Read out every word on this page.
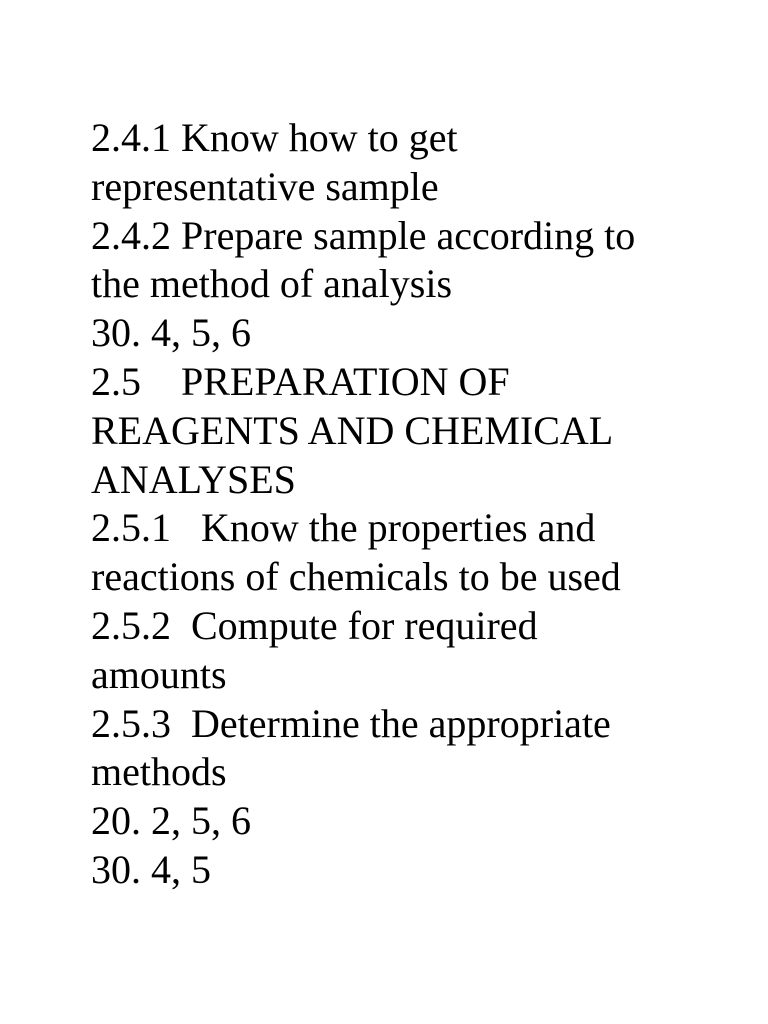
2.4.1 Know how to get
representative sample
2.4.2 Prepare sample according to
the method of analysis
30. 4, 5, 6
2.5    PREPARATION OF
REAGENTS AND CHEMICAL
ANALYSES
2.5.1   Know the properties and
reactions of chemicals to be used
2.5.2  Compute for required
amounts
2.5.3  Determine the appropriate
methods
20. 2, 5, 6
30. 4, 5
